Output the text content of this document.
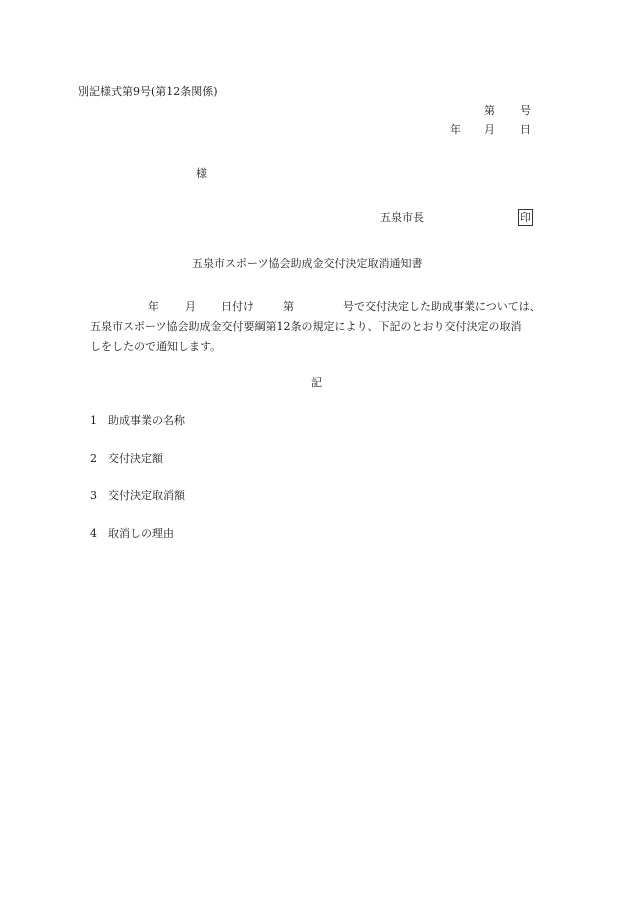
別記様式第9号(第12条関係)
第 号
年 月 日
様
五泉市長	印
五泉市スポーツ協会助成金交付決定取消通知書
年 月 日付け	第	号で交付決定した助成事業については、
五泉市スポーツ協会助成金交付要綱第12条の規定により、下記のとおり交付決定の取消
しをしたので通知します。
記
1 助成事業の名称
2 交付決定額
3 交付決定取消額
4 取消しの理由
